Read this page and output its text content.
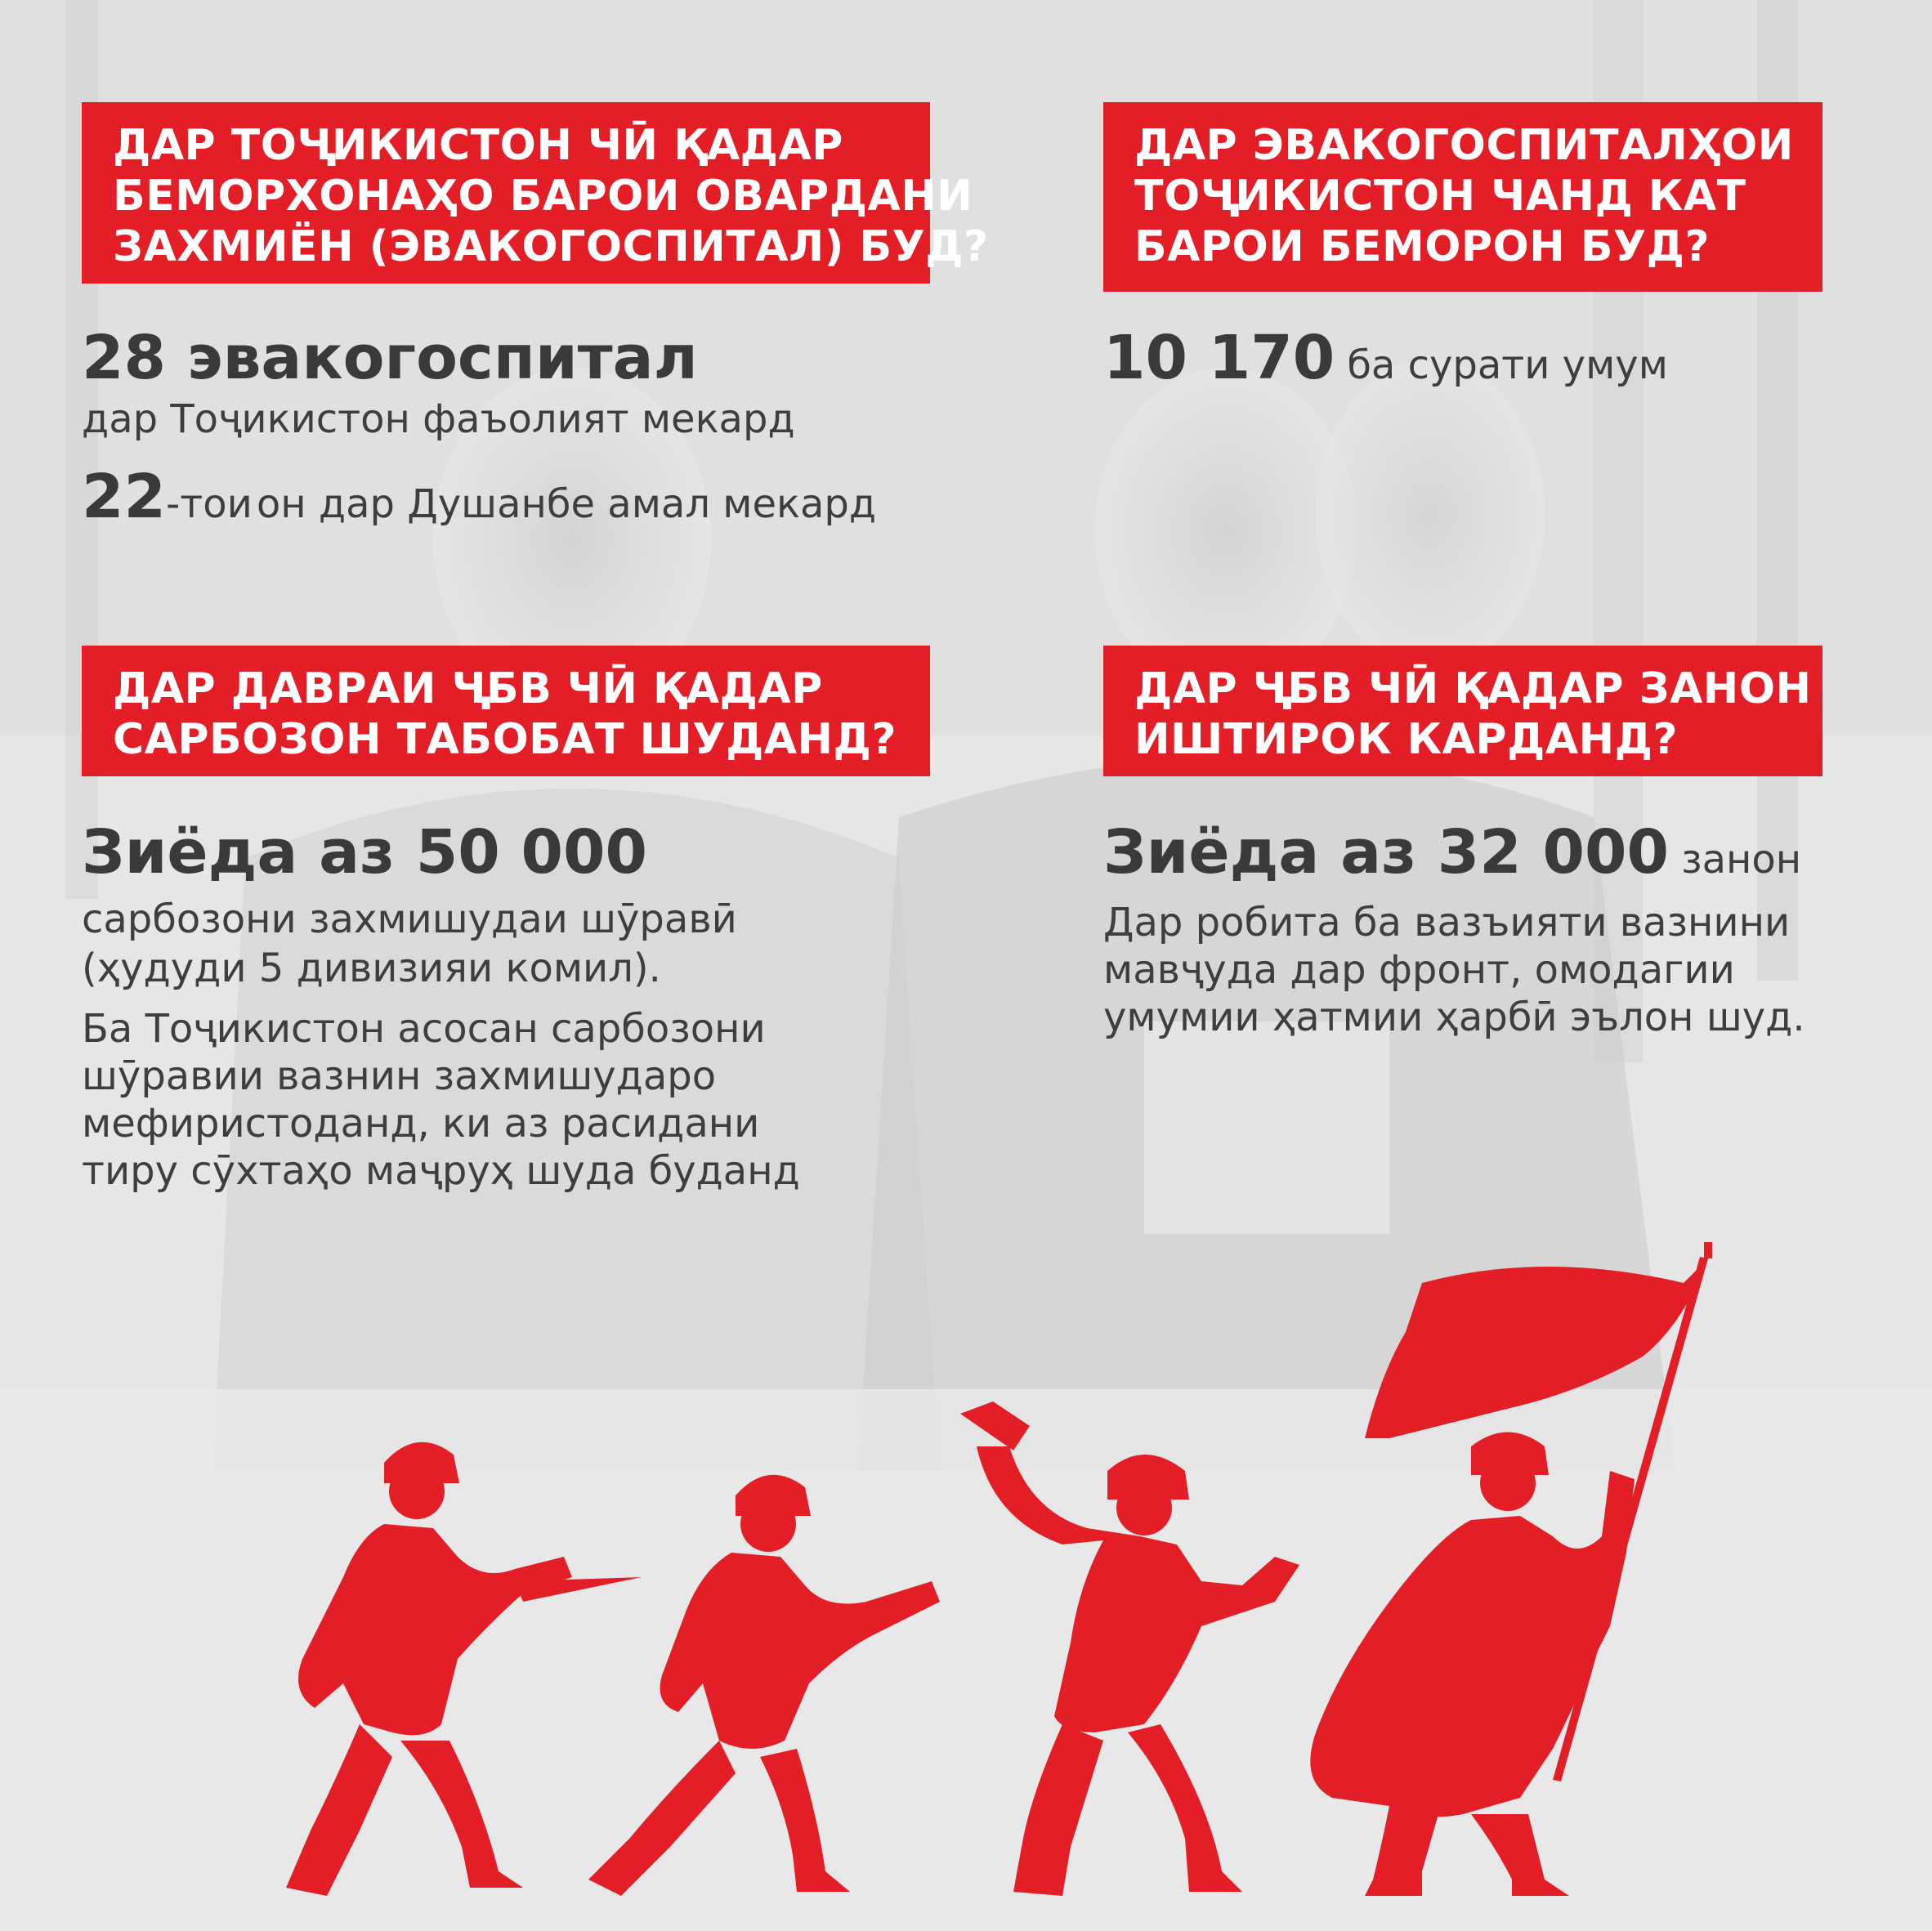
ДАР ТОҶИКИСТОН ЧӢ ҚАДАР
БЕМОРХОНАҲО БАРОИ ОВАРДАНИ
ЗАХМИЁН (ЭВАКОГОСПИТАЛ) БУД?
28 эвакогоспитал
дар Тоҷикистон фаъолият мекард
22-тои он дар Душанбе амал мекард
ДАР ЭВАКОГОСПИТАЛҲОИ
ТОҶИКИСТОН ЧАНД КАТ
БАРОИ БЕМОРОН БУД?
10 170 ба сурати умум
ДАР ДАВРАИ ҶБВ ЧӢ ҚАДАР
САРБОЗОН ТАБОБАТ ШУДАНД?
Зиёда аз 50 000
сарбозони захмишудаи шӯравӣ
(ҳудуди 5 дивизияи комил).
Ба Тоҷикистон асосан сарбозони
шӯравии вазнин захмишударо
мефиристоданд, ки аз расидани
тиру сӯхтаҳо маҷруҳ шуда буданд
ДАР ҶБВ ЧӢ ҚАДАР ЗАНОН
ИШТИРОК КАРДАНД?
Зиёда аз 32 000 занон
Дар робита ба вазъияти вазнини
мавҷуда дар фронт, омодагии
умумии ҳатмии ҳарбӣ эълон шуд.
